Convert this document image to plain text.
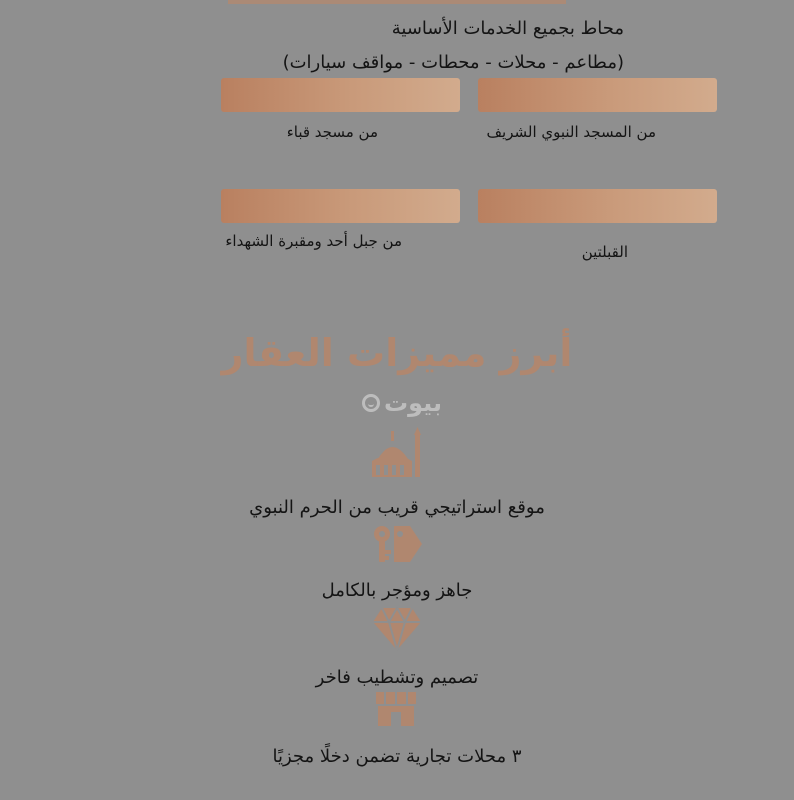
محاط بجميع الخدمات الأساسية
(مطاعم - محلات - محطات - مواقف سيارات)
من المسجد النبوي الشريف
من مسجد قباء
القبلتين
من جبل أحد ومقبرة الشهداء
أبرز مميزات العقار
بيوت
موقع استراتيجي قريب من الحرم النبوي
جاهز ومؤجر بالكامل
تصميم وتشطيب فاخر
٣ محلات تجارية تضمن دخلًا مجزيًا
